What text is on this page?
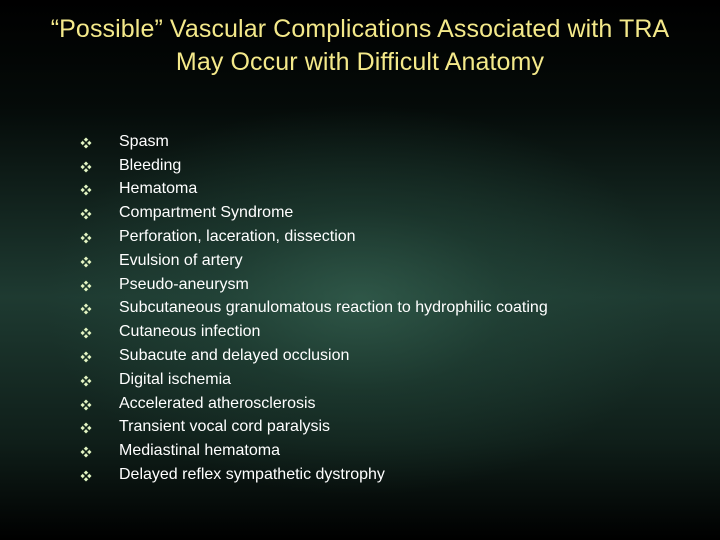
“Possible” Vascular Complications Associated with TRA
May Occur with Difficult Anatomy
Spasm
Bleeding
Hematoma
Compartment Syndrome
Perforation, laceration, dissection
Evulsion of artery
Pseudo-aneurysm
Subcutaneous granulomatous reaction to hydrophilic coating
Cutaneous infection
Subacute and delayed occlusion
Digital ischemia
Accelerated atherosclerosis
Transient vocal cord paralysis
Mediastinal hematoma
Delayed reflex sympathetic dystrophy
